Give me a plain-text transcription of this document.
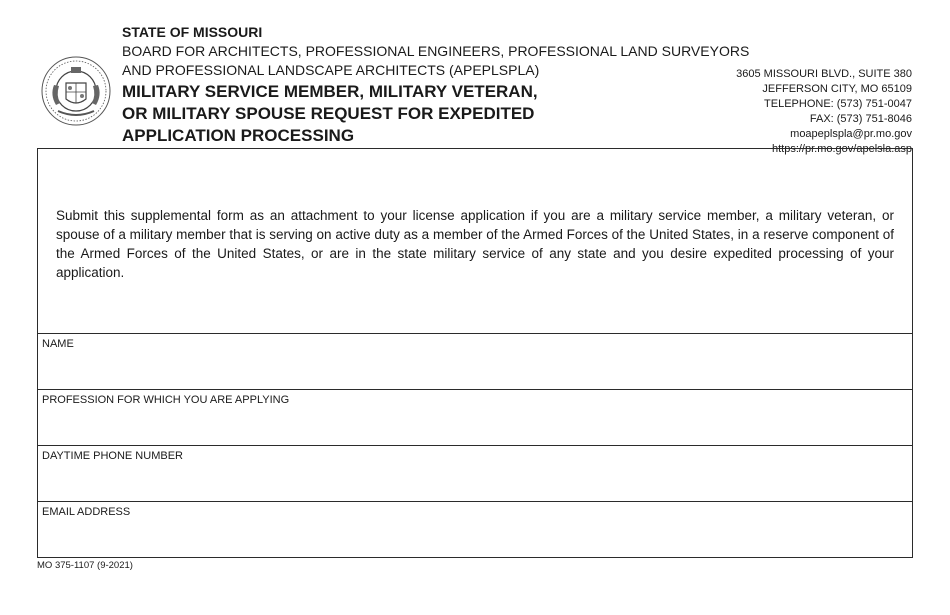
STATE OF MISSOURI
BOARD FOR ARCHITECTS, PROFESSIONAL ENGINEERS, PROFESSIONAL LAND SURVEYORS
AND PROFESSIONAL LANDSCAPE ARCHITECTS (APEPLSPLA)
MILITARY SERVICE MEMBER, MILITARY VETERAN,
OR MILITARY SPOUSE REQUEST FOR EXPEDITED
APPLICATION PROCESSING
3605 MISSOURI BLVD., SUITE 380
JEFFERSON CITY, MO 65109
TELEPHONE: (573) 751-0047
FAX: (573) 751-8046
moapeplspla@pr.mo.gov
https://pr.mo.gov/apelsla.asp
Submit this supplemental form as an attachment to your license application if you are a military service member, a military veteran, or spouse of a military member that is serving on active duty as a member of the Armed Forces of the United States, in a reserve component of the Armed Forces of the United States, or are in the state military service of any state and you desire expedited processing of your application.
NAME
PROFESSION FOR WHICH YOU ARE APPLYING
DAYTIME PHONE NUMBER
EMAIL ADDRESS
MO 375-1107 (9-2021)
